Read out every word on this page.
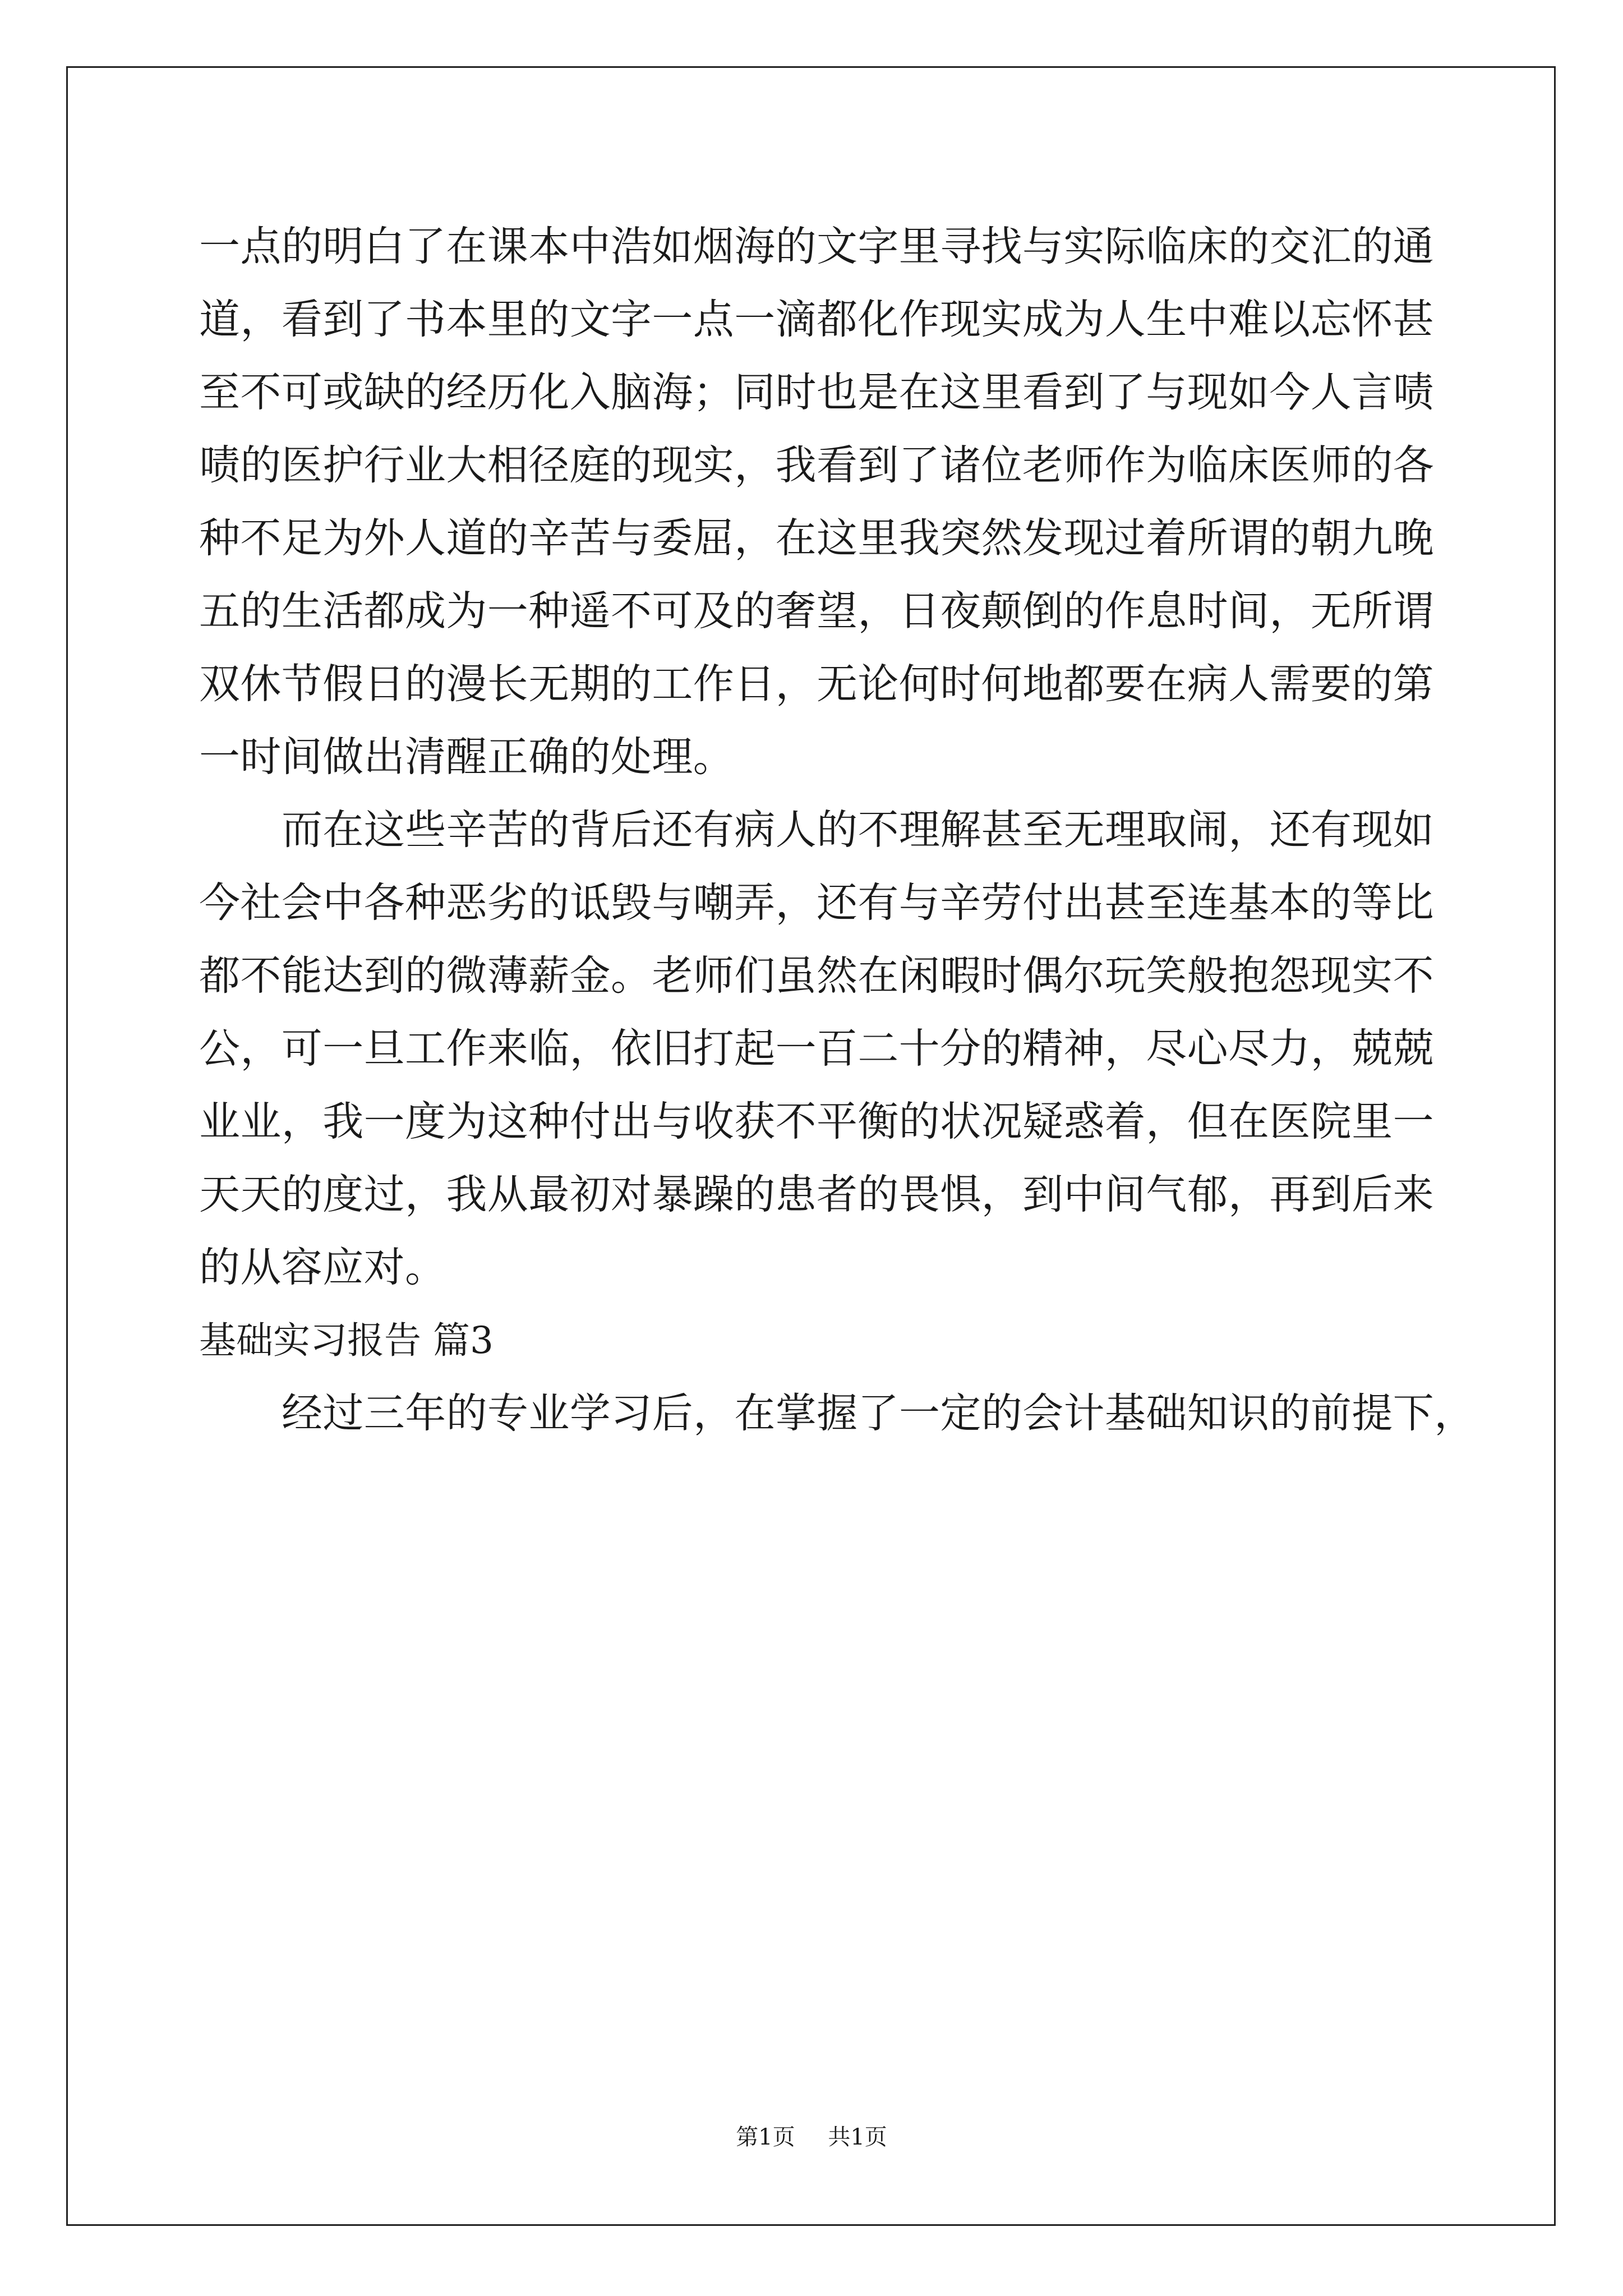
一点的明白了在课本中浩如烟海的文字里寻找与实际临床的交汇的通
道，看到了书本里的文字一点一滴都化作现实成为人生中难以忘怀甚
至不可或缺的经历化入脑海；同时也是在这里看到了与现如今人言啧
啧的医护行业大相径庭的现实，我看到了诸位老师作为临床医师的各
种不足为外人道的辛苦与委屈，在这里我突然发现过着所谓的朝九晚
五的生活都成为一种遥不可及的奢望，日夜颠倒的作息时间，无所谓
双休节假日的漫长无期的工作日，无论何时何地都要在病人需要的第
一时间做出清醒正确的处理。
而在这些辛苦的背后还有病人的不理解甚至无理取闹，还有现如
今社会中各种恶劣的诋毁与嘲弄，还有与辛劳付出甚至连基本的等比
都不能达到的微薄薪金。老师们虽然在闲暇时偶尔玩笑般抱怨现实不
公，可一旦工作来临，依旧打起一百二十分的精神，尽心尽力，兢兢
业业，我一度为这种付出与收获不平衡的状况疑惑着，但在医院里一
天天的度过，我从最初对暴躁的患者的畏惧，到中间气郁，再到后来
的从容应对。
基础实习报告 篇3
经过三年的专业学习后，在掌握了一定的会计基础知识的前提下，
第1页 共1页
